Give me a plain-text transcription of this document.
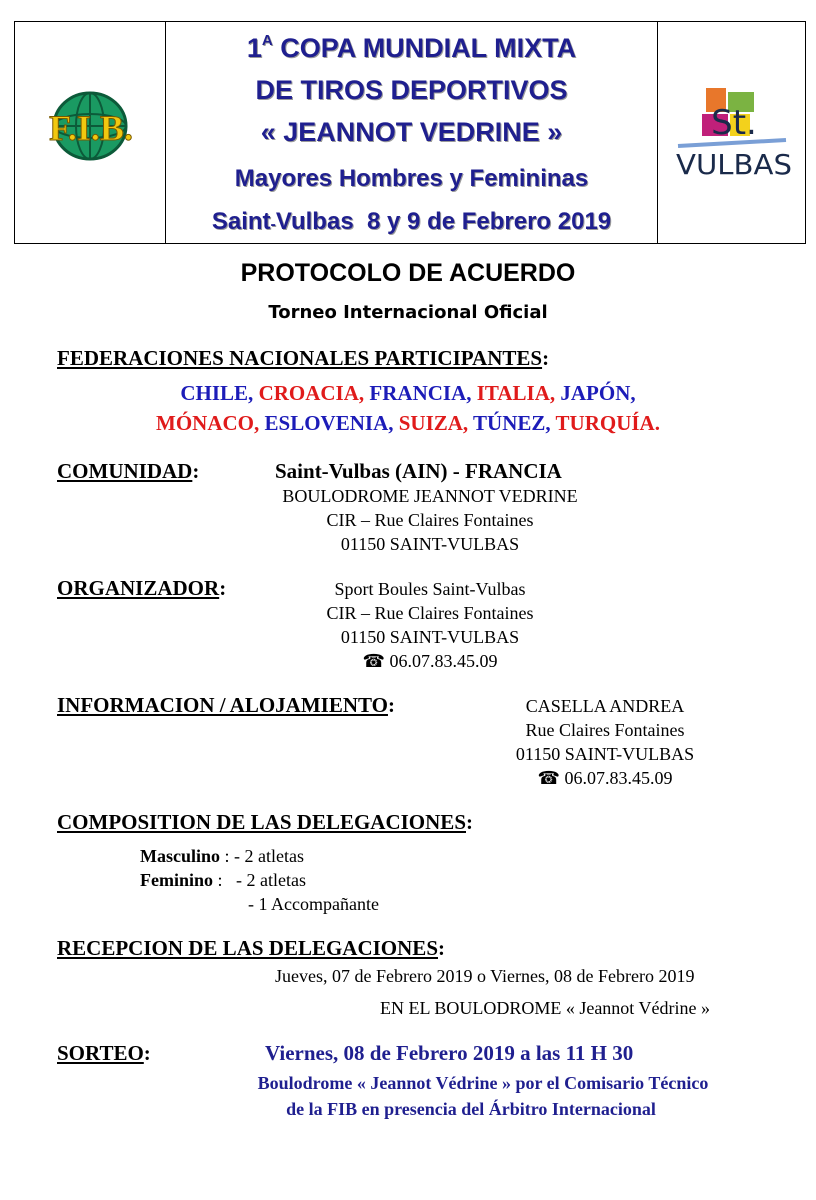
F.I.B.
$1^A$ COPA MUNDIAL MIXTA
DE TIROS DEPORTIVOS
« JEANNOT VEDRINE »
Mayores Hombres y Femininas
Saint-Vulbas 8 y 9 de Febrero 2019
St.
VULBAS
PROTOCOLO DE ACUERDO
Torneo Internacional Oficial
FEDERACIONES NACIONALES PARTICIPANTES:
CHILE, CROACIA, FRANCIA, ITALIA, JAPÓN,
MÓNACO, ESLOVENIA, SUIZA, TÚNEZ, TURQUÍA.
COMUNIDAD:	Saint-Vulbas (AIN) - FRANCIA
BOULODROME JEANNOT VEDRINE
CIR – Rue Claires Fontaines
01150 SAINT-VULBAS
ORGANIZADOR:	Sport Boules Saint-Vulbas
CIR – Rue Claires Fontaines
01150 SAINT-VULBAS
☎ 06.07.83.45.09
INFORMACION / ALOJAMIENTO:	CASELLA ANDREA
Rue Claires Fontaines
01150 SAINT-VULBAS
☎ 06.07.83.45.09
COMPOSITION DE LAS DELEGACIONES:
Masculino : - 2 atletas
Feminino :   - 2 atletas
- 1 Accompañante
RECEPCION DE LAS DELEGACIONES:
Jueves, 07 de Febrero 2019 o Viernes, 08 de Febrero 2019
EN EL BOULODROME « Jeannot Védrine »
SORTEO:	Viernes, 08 de Febrero 2019 a las 11 H 30
Boulodrome « Jeannot Védrine » por el Comisario Técnico
de la FIB en presencia del Árbitro Internacional
